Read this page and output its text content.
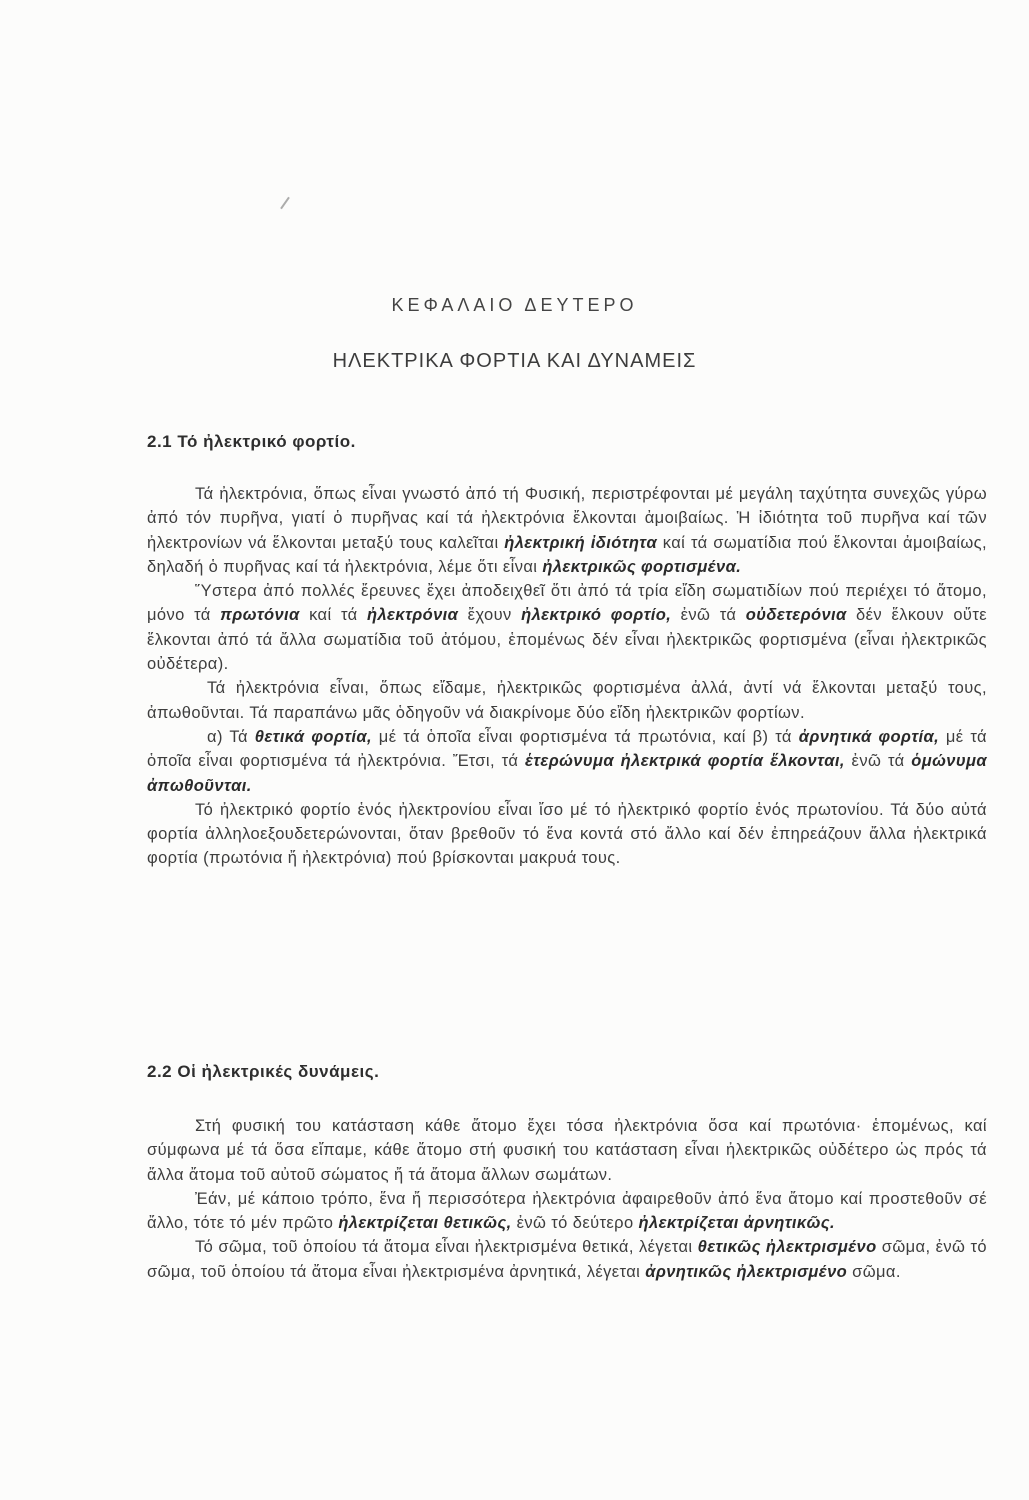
ΚΕΦΑΛΑΙΟ ΔΕΥΤΕΡΟ
ΗΛΕΚΤΡΙΚΑ ΦΟΡΤΙΑ ΚΑΙ ΔΥΝΑΜΕΙΣ
2.1 Τό ἠλεκτρικό φορτίο.

Τά ἠλεκτρόνια, ὅπως εἶναι γνωστό ἀπό τή Φυσική, περιστρέφονται μέ μεγάλη ταχύτητα συνεχῶς γύρω ἀπό τόν πυρῆνα, γιατί ὁ πυρῆνας καί τά ἠλεκτρόνια ἔλκονται ἀμοιβαίως. Ἡ ἰδιότητα τοῦ πυρῆνα καί τῶν ἠλεκτρονίων νά ἕλκονται μεταξύ τους καλεῖται ἠλεκτρική ἰδιότητα καί τά σωματίδια πού ἕλκονται ἀμοιβαίως, δηλαδή ὁ πυρῆνας καί τά ἠλεκτρόνια, λέμε ὅτι εἶναι ἠλεκτρικῶς φορτισμένα.

Ὕστερα ἀπό πολλές ἔρευνες ἔχει ἀποδειχθεῖ ὅτι ἀπό τά τρία εἴδη σωματιδίων πού περιέχει τό ἄτομο, μόνο τά πρωτόνια καί τά ἠλεκτρόνια ἔχουν ἠλεκτρικό φορτίο, ἐνῶ τά οὐδετερόνια δέν ἕλκουν οὔτε ἕλκονται ἀπό τά ἄλλα σωματίδια τοῦ ἀτόμου, ἑπομένως δέν εἶναι ἠλεκτρικῶς φορτισμένα (εἶναι ἠλεκτρικῶς οὐδέτερα).

Τά ἠλεκτρόνια εἶναι, ὅπως εἴδαμε, ἠλεκτρικῶς φορτισμένα ἀλλά, ἀντί νά ἕλκονται μεταξύ τους, ἀπωθοῦνται. Τά παραπάνω μᾶς ὁδηγοῦν νά διακρίνομε δύο εἴδη ἠλεκτρικῶν φορτίων.

α) Τά θετικά φορτία, μέ τά ὁποῖα εἶναι φορτισμένα τά πρωτόνια, καί β) τά ἀρνητικά φορτία, μέ τά ὁποῖα εἶναι φορτισμένα τά ἠλεκτρόνια. Ἔτσι, τά ἑτερώνυμα ἠλεκτρικά φορτία ἕλκονται, ἐνῶ τά ὁμώνυμα ἀπωθοῦνται.

Τό ἠλεκτρικό φορτίο ἑνός ἠλεκτρονίου εἶναι ἴσο μέ τό ἠλεκτρικό φορτίο ἑνός πρωτονίου. Τά δύο αὐτά φορτία ἀλληλοεξουδετερώνονται, ὅταν βρεθοῦν τό ἕνα κοντά στό ἄλλο καί δέν ἐπηρεάζουν ἄλλα ἠλεκτρικά φορτία (πρωτόνια ἤ ἠλεκτρόνια) πού βρίσκονται μακρυά τους.

2.2 Οἱ ἠλεκτρικές δυνάμεις.

Στή φυσική του κατάσταση κάθε ἄτομο ἔχει τόσα ἠλεκτρόνια ὅσα καί πρωτόνια· ἑπομένως, καί σύμφωνα μέ τά ὅσα εἴπαμε, κάθε ἄτομο στή φυσική του κατάσταση εἶναι ἠλεκτρικῶς οὐδέτερο ὡς πρός τά ἄλλα ἄτομα τοῦ αὐτοῦ σώματος ἤ τά ἄτομα ἄλλων σωμάτων.

Ἐάν, μέ κάποιο τρόπο, ἕνα ἤ περισσότερα ἠλεκτρόνια ἀφαιρεθοῦν ἀπό ἕνα ἄτομο καί προστεθοῦν σέ ἄλλο, τότε τό μέν πρῶτο ἠλεκτρίζεται θετικῶς, ἐνῶ τό δεύτερο ἠλεκτρίζεται ἀρνητικῶς.

Τό σῶμα, τοῦ ὁποίου τά ἄτομα εἶναι ἠλεκτρισμένα θετικά, λέγεται θετικῶς ἠλεκτρισμένο σῶμα, ἐνῶ τό σῶμα, τοῦ ὁποίου τά ἄτομα εἶναι ἠλεκτρισμένα ἀρνητικά, λέγεται ἀρνητικῶς ἠλεκτρισμένο σῶμα.
